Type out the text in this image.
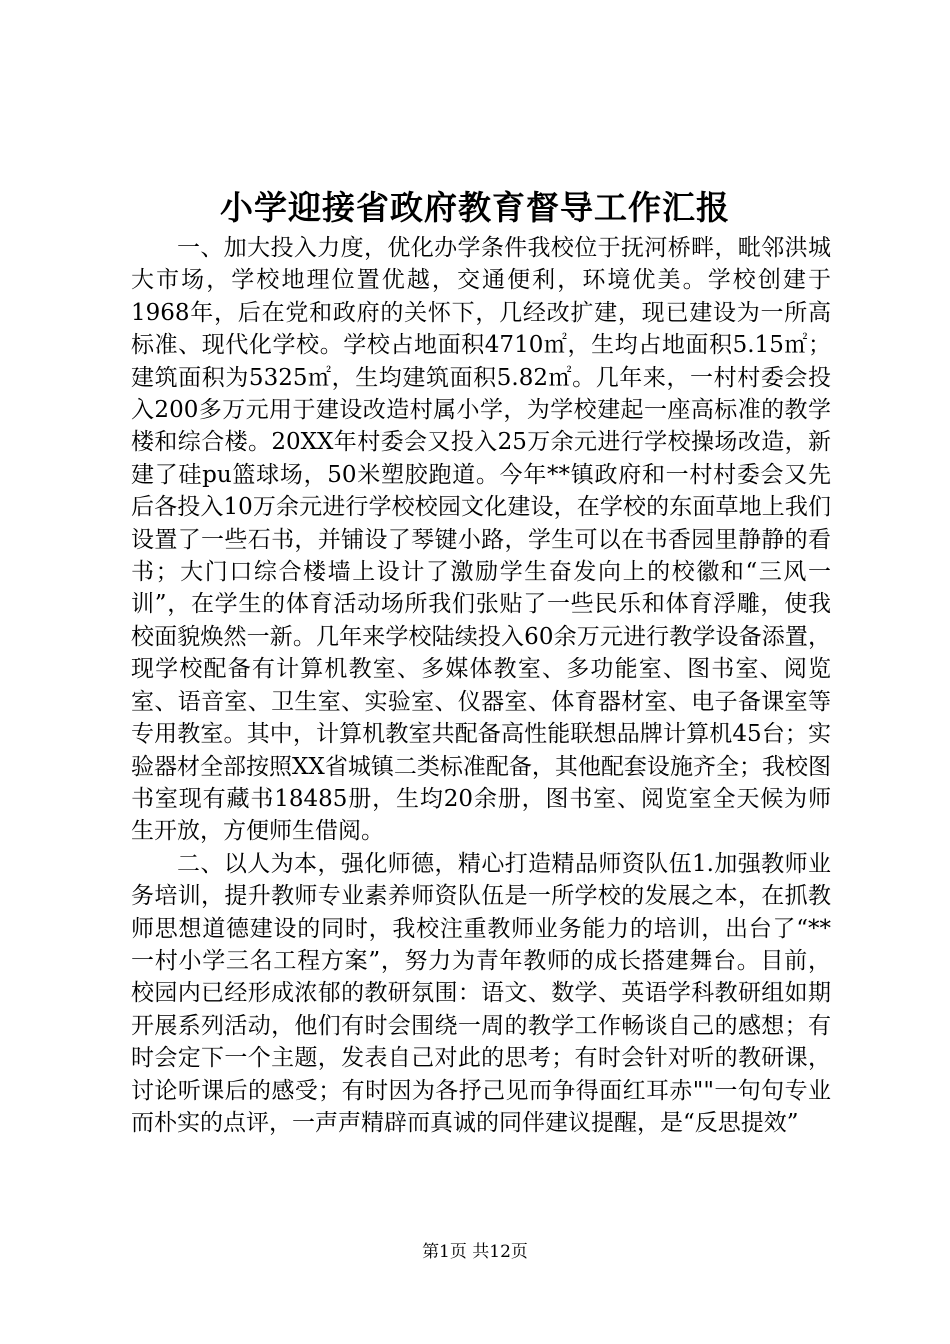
小学迎接省政府教育督导工作汇报

一、加大投入力度，优化办学条件我校位于抚河桥畔，毗邻洪城大市场，学校地理位置优越，交通便利，环境优美。学校创建于1968年，后在党和政府的关怀下，几经改扩建，现已建设为一所高标准、现代化学校。学校占地面积4710㎡，生均占地面积5.15㎡；建筑面积为5325㎡，生均建筑面积5.82㎡。几年来，一村村委会投入200多万元用于建设改造村属小学，为学校建起一座高标准的教学楼和综合楼。20XX年村委会又投入25万余元进行学校操场改造，新建了硅pu篮球场，50米塑胶跑道。今年**镇政府和一村村委会又先后各投入10万余元进行学校校园文化建设，在学校的东面草地上我们设置了一些石书，并铺设了琴键小路，学生可以在书香园里静静的看书；大门口综合楼墙上设计了激励学生奋发向上的校徽和“三风一训”，在学生的体育活动场所我们张贴了一些民乐和体育浮雕，使我校面貌焕然一新。几年来学校陆续投入60余万元进行教学设备添置，现学校配备有计算机教室、多媒体教室、多功能室、图书室、阅览室、语音室、卫生室、实验室、仪器室、体育器材室、电子备课室等专用教室。其中，计算机教室共配备高性能联想品牌计算机45台；实验器材全部按照XX省城镇二类标准配备，其他配套设施齐全；我校图书室现有藏书18485册，生均20余册，图书室、阅览室全天候为师生开放，方便师生借阅。

二、以人为本，强化师德，精心打造精品师资队伍1.加强教师业务培训，提升教师专业素养师资队伍是一所学校的发展之本，在抓教师思想道德建设的同时，我校注重教师业务能力的培训，出台了“**一村小学三名工程方案”，努力为青年教师的成长搭建舞台。目前，校园内已经形成浓郁的教研氛围：语文、数学、英语学科教研组如期开展系列活动，他们有时会围绕一周的教学工作畅谈自己的感想；有时会定下一个主题，发表自己对此的思考；有时会针对听的教研课，讨论听课后的感受；有时因为各抒己见而争得面红耳赤""一句句专业而朴实的点评，一声声精辟而真诚的同伴建议提醒，是“反思提效”

第1页 共12页
